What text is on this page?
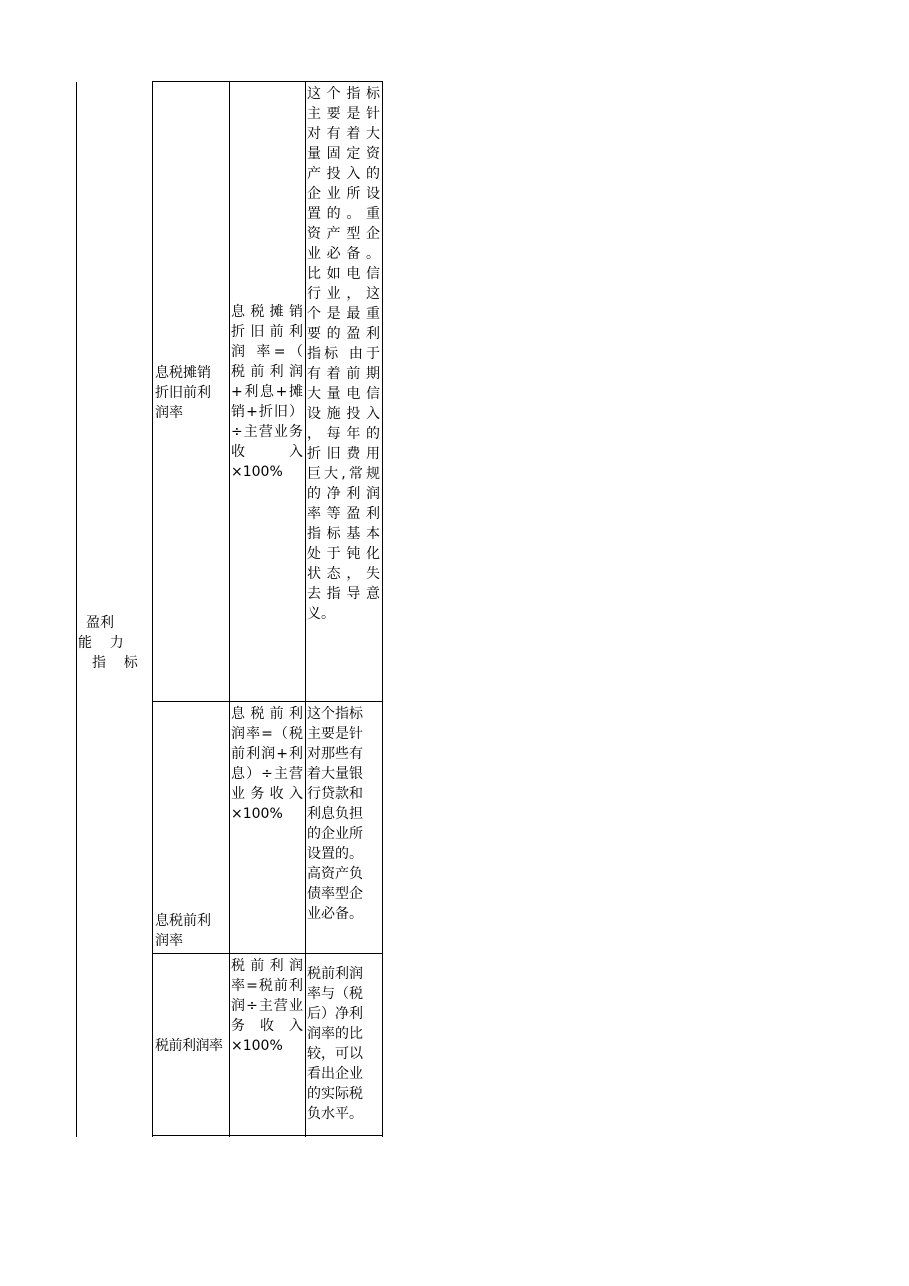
盈利
能    力
指    标
息税摊销
折旧前利
润率
息税摊销
折旧前利
润 率=（
税前利润
+利息+摊
销+折旧）
÷主营业务
收 入
×100%
这个指标
主要是针
对有着大
量固定资
产投入的
企业所设
置的。重
资产型企
业必备。
比如电信
行业，这
个是最重
要的盈利
指标 由于
有着前期
大量电信
设施投入
，每年的
折旧费用
巨大,常规
的净利润
率等盈利
指标基本
处于钝化
状态，失
去指导意
义。
息税前利
润率
息税前利
润率=（税
前利润+利
息）÷主营
业务收入
×100%
这个指标
主要是针
对那些有
着大量银
行贷款和
利息负担
的企业所
设置的。
高资产负
债率型企
业必备。
税前利润率
税前利润
率=税前利
润÷主营业
务 收 入
×100%
税前利润
率与（税
后）净利
润率的比
较，可以
看出企业
的实际税
负水平。
